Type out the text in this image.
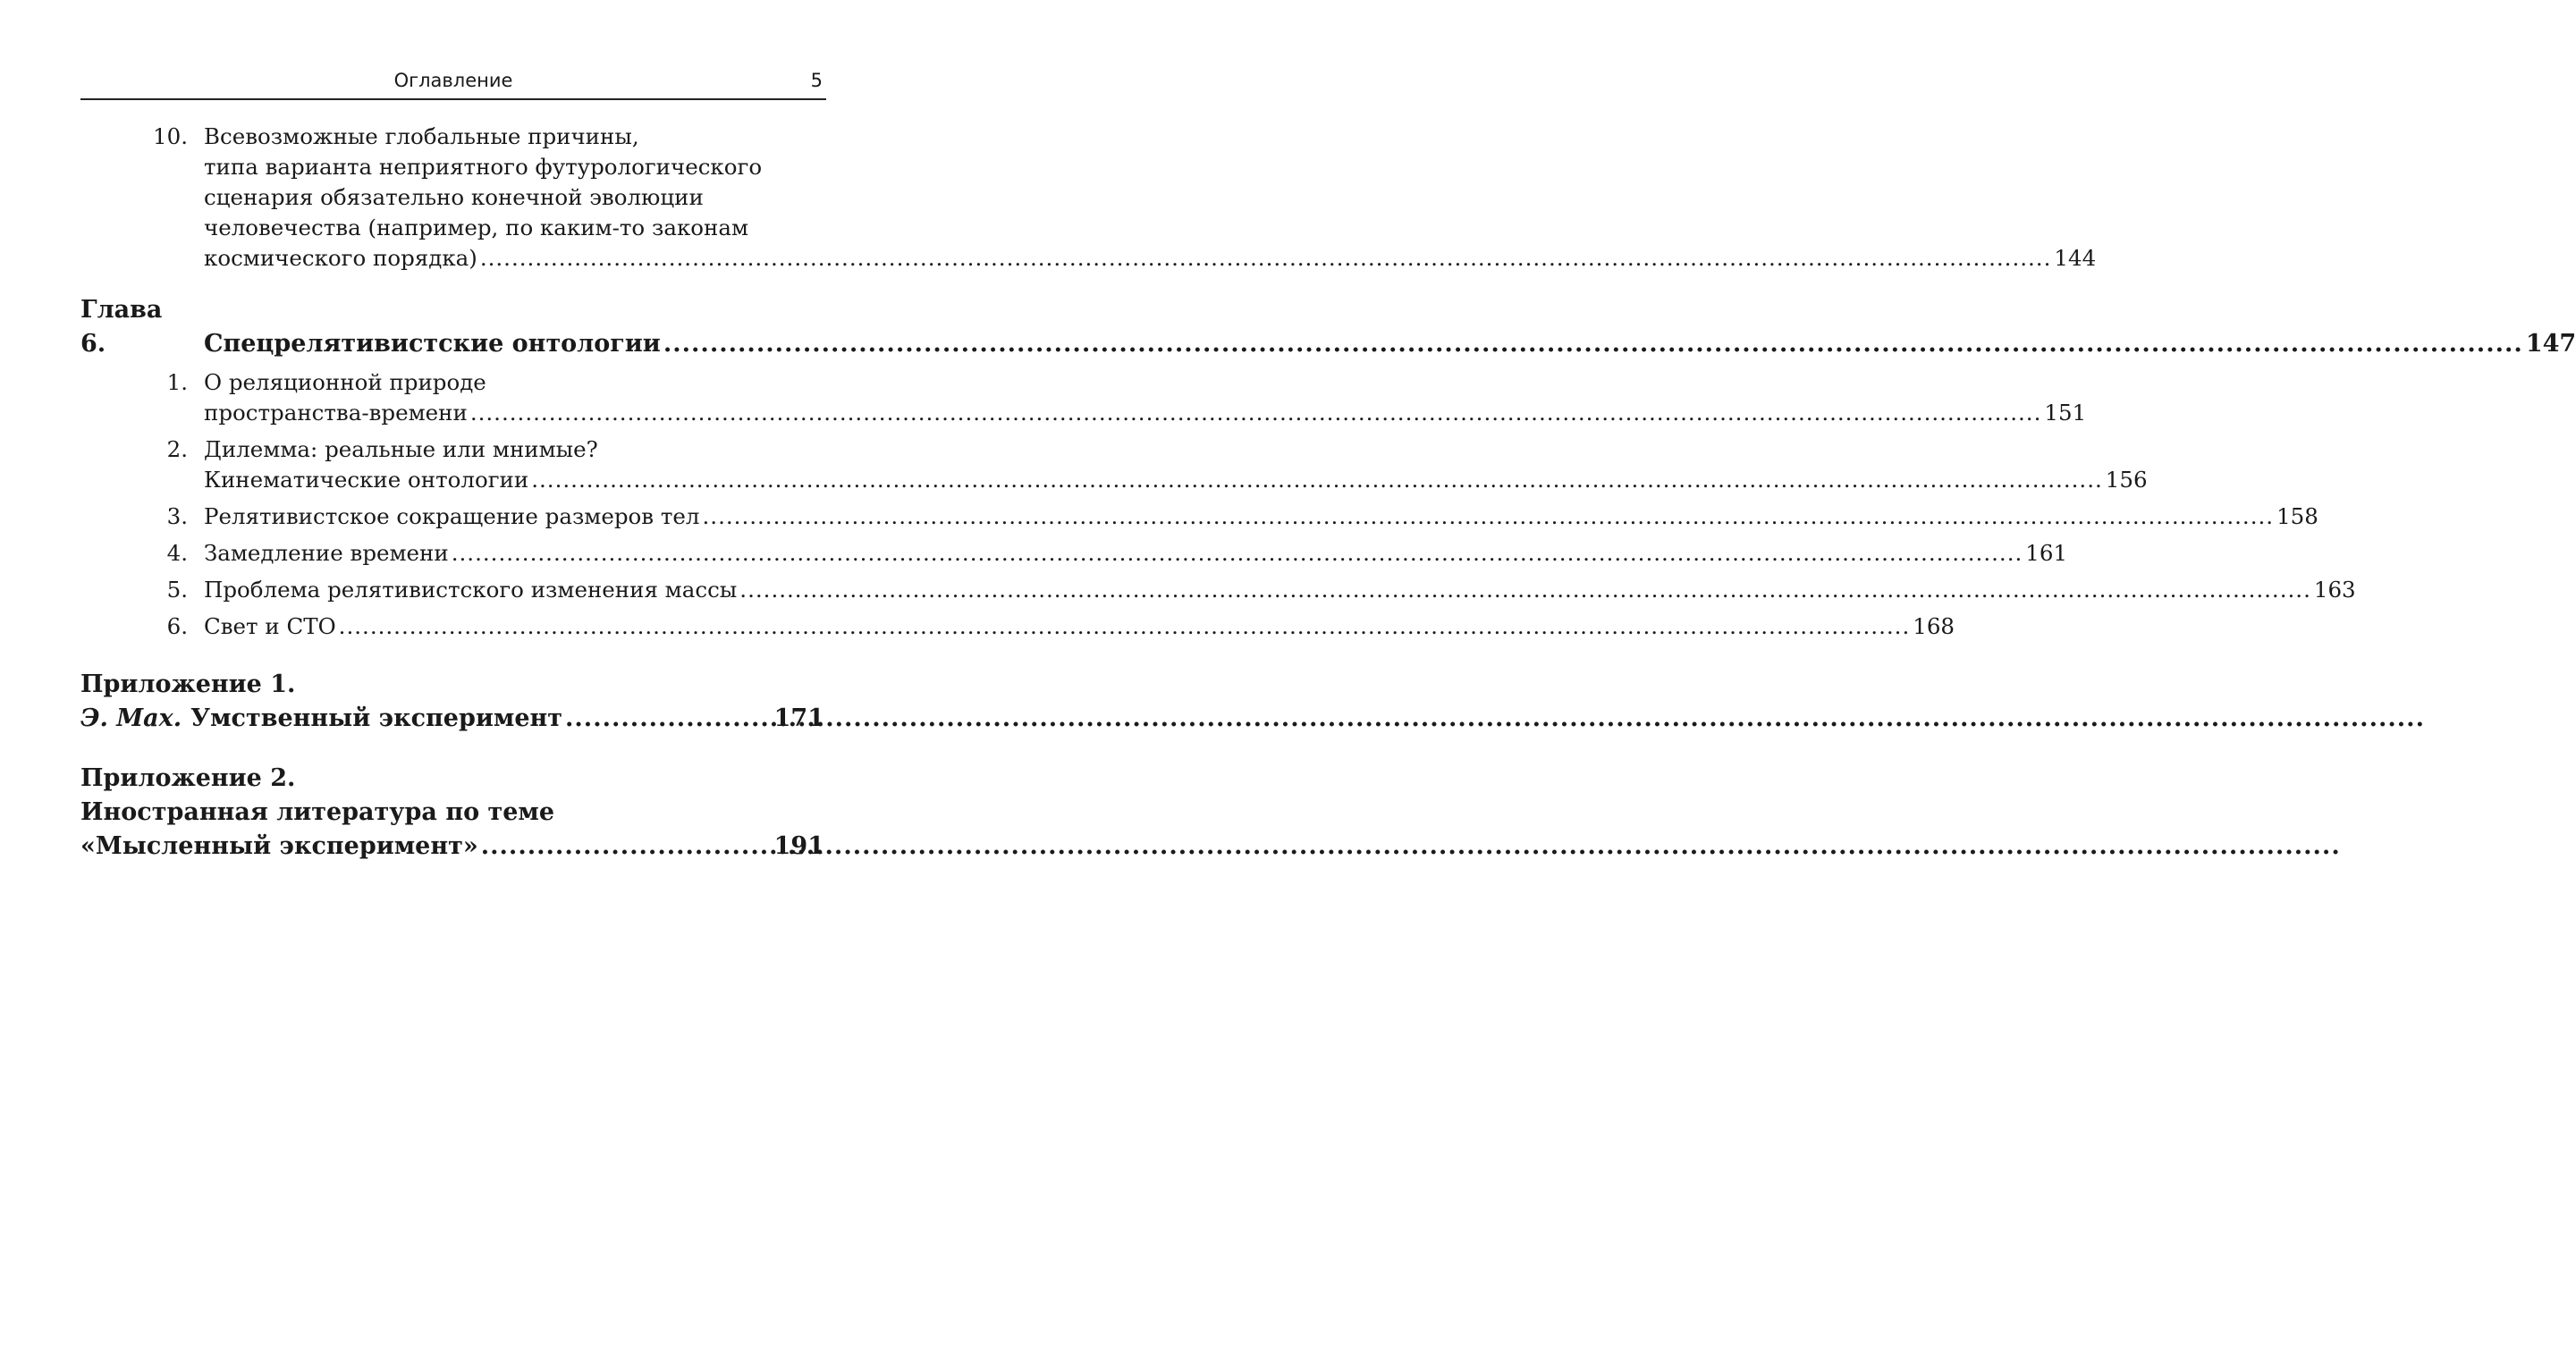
Оглавление	5
10. Всевозможные глобальные причины,
типа варианта неприятного футурологического
сценария обязательно конечной эволюции
человечества (например, по каким-то законам
космического порядка) .....	144
Глава 6.	Спецрелятивистские онтологии .....	147
1. О реляционной природе
пространства-времени .....	151
2. Дилемма: реальные или мнимые?
Кинематические онтологии .....	156
3. Релятивистское сокращение размеров тел .....	158
4. Замедление времени .....	161
5. Проблема релятивистского изменения массы .....	163
6. Свет и СТО .....	168
Приложение 1.
Э. Мах. Умственный эксперимент .....	171
Приложение 2.
Иностранная литература по теме
«Мысленный эксперимент» .....	191
